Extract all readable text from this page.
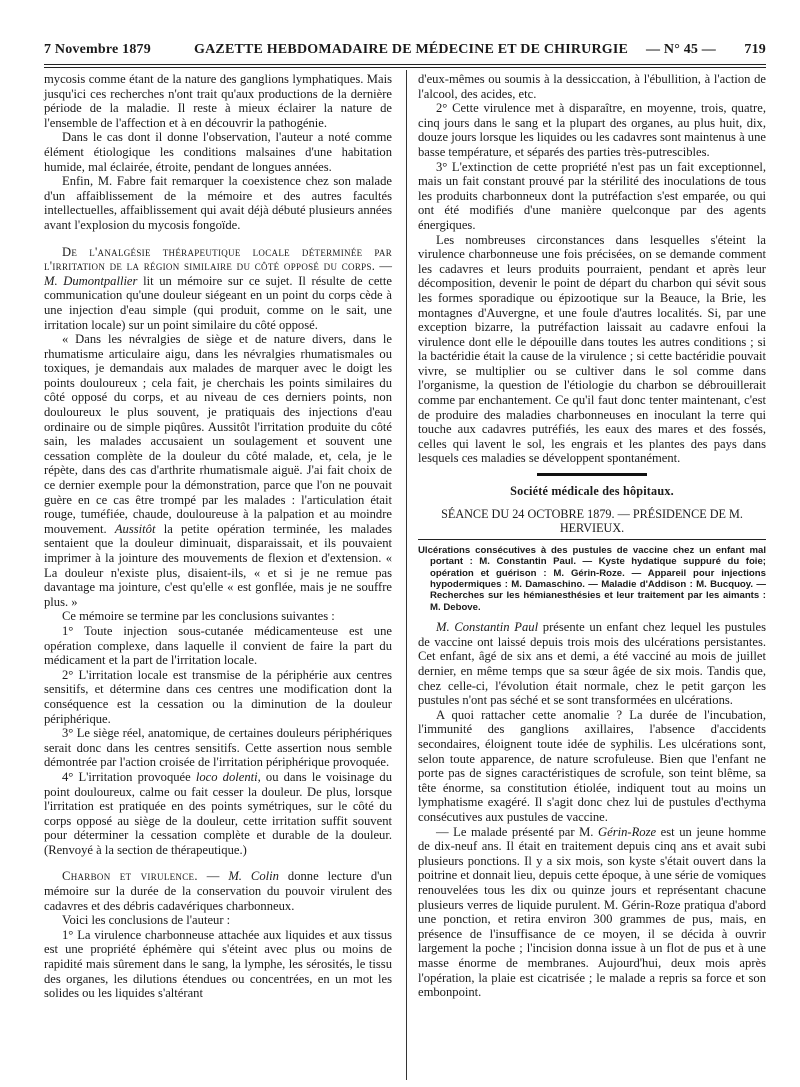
7 Novembre 1879	GAZETTE HEBDOMADAIRE DE MÉDECINE ET DE CHIRURGIE — N° 45 — 719

mycosis comme étant de la nature des ganglions lymphatiques. Mais jusqu'ici ces recherches n'ont trait qu'aux productions de la dernière période de la maladie. Il reste à mieux éclairer la nature de l'ensemble de l'affection et à en découvrir la pathogénie.

Dans le cas dont il donne l'observation, l'auteur a noté comme élément étiologique les conditions malsaines d'une habitation humide, mal éclairée, étroite, pendant de longues années.

Enfin, M. Fabre fait remarquer la coexistence chez son malade d'un affaiblissement de la mémoire et des autres facultés intellectuelles, affaiblissement qui avait déjà débuté plusieurs années avant l'explosion du mycosis fongoïde.

De l'analgésie thérapeutique locale déterminée par l'irritation de la région similaire du côté opposé du corps. — M. Dumontpallier lit un mémoire sur ce sujet. Il résulte de cette communication qu'une douleur siégeant en un point du corps cède à une injection d'eau simple (qui produit, comme on le sait, une irritation locale) sur un point similaire du côté opposé.

« Dans les névralgies de siège et de nature divers, dans le rhumatisme articulaire aigu, dans les névralgies rhumatismales ou toxiques, je demandais aux malades de marquer avec le doigt les points douloureux ; cela fait, je cherchais les points similaires du côté opposé du corps, et au niveau de ces derniers points, non douloureux le plus souvent, je pratiquais des injections d'eau ordinaire ou de simple piqûres. Aussitôt l'irritation produite du côté sain, les malades accusaient un soulagement et souvent une cessation complète de la douleur du côté malade, et, cela, je le répète, dans des cas d'arthrite rhumatismale aiguë. J'ai fait choix de ce dernier exemple pour la démonstration, parce que l'on ne pouvait guère en ce cas être trompé par les malades : l'articulation était rouge, tuméfiée, chaude, douloureuse à la palpation et au moindre mouvement. Aussitôt la petite opération terminée, les malades sentaient que la douleur diminuait, disparaissait, et ils pouvaient imprimer à la jointure des mouvements de flexion et d'extension. « La douleur n'existe plus, disaient-ils, « et si je ne remue pas davantage ma jointure, c'est qu'elle « est gonflée, mais je ne souffre plus. »

Ce mémoire se termine par les conclusions suivantes :

1° Toute injection sous-cutanée médicamenteuse est une opération complexe, dans laquelle il convient de faire la part du médicament et la part de l'irritation locale.

2° L'irritation locale est transmise de la périphérie aux centres sensitifs, et détermine dans ces centres une modification dont la conséquence est la cessation ou la diminution de la douleur périphérique.

3° Le siège réel, anatomique, de certaines douleurs périphériques serait donc dans les centres sensitifs. Cette assertion nous semble démontrée par l'action croisée de l'irritation périphérique provoquée.

4° L'irritation provoquée loco dolenti, ou dans le voisinage du point douloureux, calme ou fait cesser la douleur. De plus, lorsque l'irritation est pratiquée en des points symétriques, sur le côté du corps opposé au siège de la douleur, cette irritation suffit souvent pour déterminer la cessation complète et durable de la douleur. (Renvoyé à la section de thérapeutique.)

Charbon et virulence. — M. Colin donne lecture d'un mémoire sur la durée de la conservation du pouvoir virulent des cadavres et des débris cadavériques charbonneux.

Voici les conclusions de l'auteur :

1° La virulence charbonneuse attachée aux liquides et aux tissus est une propriété éphémère qui s'éteint avec plus ou moins de rapidité mais sûrement dans le sang, la lymphe, les sérosités, le tissu des organes, les dilutions étendues ou concentrées, en un mot les solides ou les liquides s'altérant

d'eux-mêmes ou soumis à la dessiccation, à l'ébullition, à l'action de l'alcool, des acides, etc.

2° Cette virulence met à disparaître, en moyenne, trois, quatre, cinq jours dans le sang et la plupart des organes, au plus huit, dix, douze jours lorsque les liquides ou les cadavres sont maintenus à une basse température, et séparés des parties très-putrescibles.

3° L'extinction de cette propriété n'est pas un fait exceptionnel, mais un fait constant prouvé par la stérilité des inoculations de tous les produits charbonneux dont la putréfaction s'est emparée, ou qui ont été modifiés d'une manière quelconque par des agents énergiques.

Les nombreuses circonstances dans lesquelles s'éteint la virulence charbonneuse une fois précisées, on se demande comment les cadavres et leurs produits pourraient, pendant et après leur décomposition, devenir le point de départ du charbon qui sévit sous les formes sporadique ou épizootique sur la Beauce, la Brie, les montagnes d'Auvergne, et une foule d'autres localités. Si, par une exception bizarre, la putréfaction laissait au cadavre enfoui la virulence dont elle le dépouille dans toutes les autres conditions ; si la bactéridie était la cause de la virulence ; si cette bactéridie pouvait vivre, se multiplier ou se cultiver dans le sol comme dans l'organisme, la question de l'étiologie du charbon se débrouillerait comme par enchantement. Ce qu'il faut donc tenter maintenant, c'est de produire des maladies charbonneuses en inoculant la terre qui touche aux cadavres putréfiés, les eaux des mares et des fossés, celles qui lavent le sol, les engrais et les plantes des pays dans lesquels ces maladies se développent spontanément.

Société médicale des hôpitaux.
SÉANCE DU 24 OCTOBRE 1879. — PRÉSIDENCE DE M. HERVIEUX.
Ulcérations consécutives à des pustules de vaccine chez un enfant mal portant : M. Constantin Paul. — Kyste hydatique suppuré du foie; opération et guérison : M. Gérin-Roze. — Appareil pour injections hypodermiques : M. Damaschino. — Maladie d'Addison : M. Bucquoy. — Recherches sur les hémianesthésies et leur traitement par les aimants : M. Debove.

M. Constantin Paul présente un enfant chez lequel les pustules de vaccine ont laissé depuis trois mois des ulcérations persistantes. Cet enfant, âgé de six ans et demi, a été vacciné au mois de juillet dernier, en même temps que sa sœur âgée de six mois. Tandis que, chez celle-ci, l'évolution était normale, chez le petit garçon les pustules n'ont pas séché et se sont transformées en ulcérations.

A quoi rattacher cette anomalie ? La durée de l'incubation, l'immunité des ganglions axillaires, l'absence d'accidents secondaires, éloignent toute idée de syphilis. Les ulcérations sont, selon toute apparence, de nature scrofuleuse. Bien que l'enfant ne porte pas de signes caractéristiques de scrofule, son teint blême, sa tête énorme, sa constitution étiolée, indiquent tout au moins un lymphatisme exagéré. Il s'agit donc chez lui de pustules d'ecthyma consécutives aux pustules de vaccine.

— Le malade présenté par M. Gérin-Roze est un jeune homme de dix-neuf ans. Il était en traitement depuis cinq ans et avait subi plusieurs ponctions. Il y a six mois, son kyste s'était ouvert dans la poitrine et donnait lieu, depuis cette époque, à une série de vomiques renouvelées tous les dix ou quinze jours et représentant chacune plusieurs verres de liquide purulent. M. Gérin-Roze pratiqua d'abord une ponction, et retira environ 300 grammes de pus, mais, en présence de l'insuffisance de ce moyen, il se décida à ouvrir largement la poche ; l'incision donna issue à un flot de pus et à une masse énorme de membranes. Aujourd'hui, deux mois après l'opération, la plaie est cicatrisée ; le malade a repris sa force et son embonpoint.
